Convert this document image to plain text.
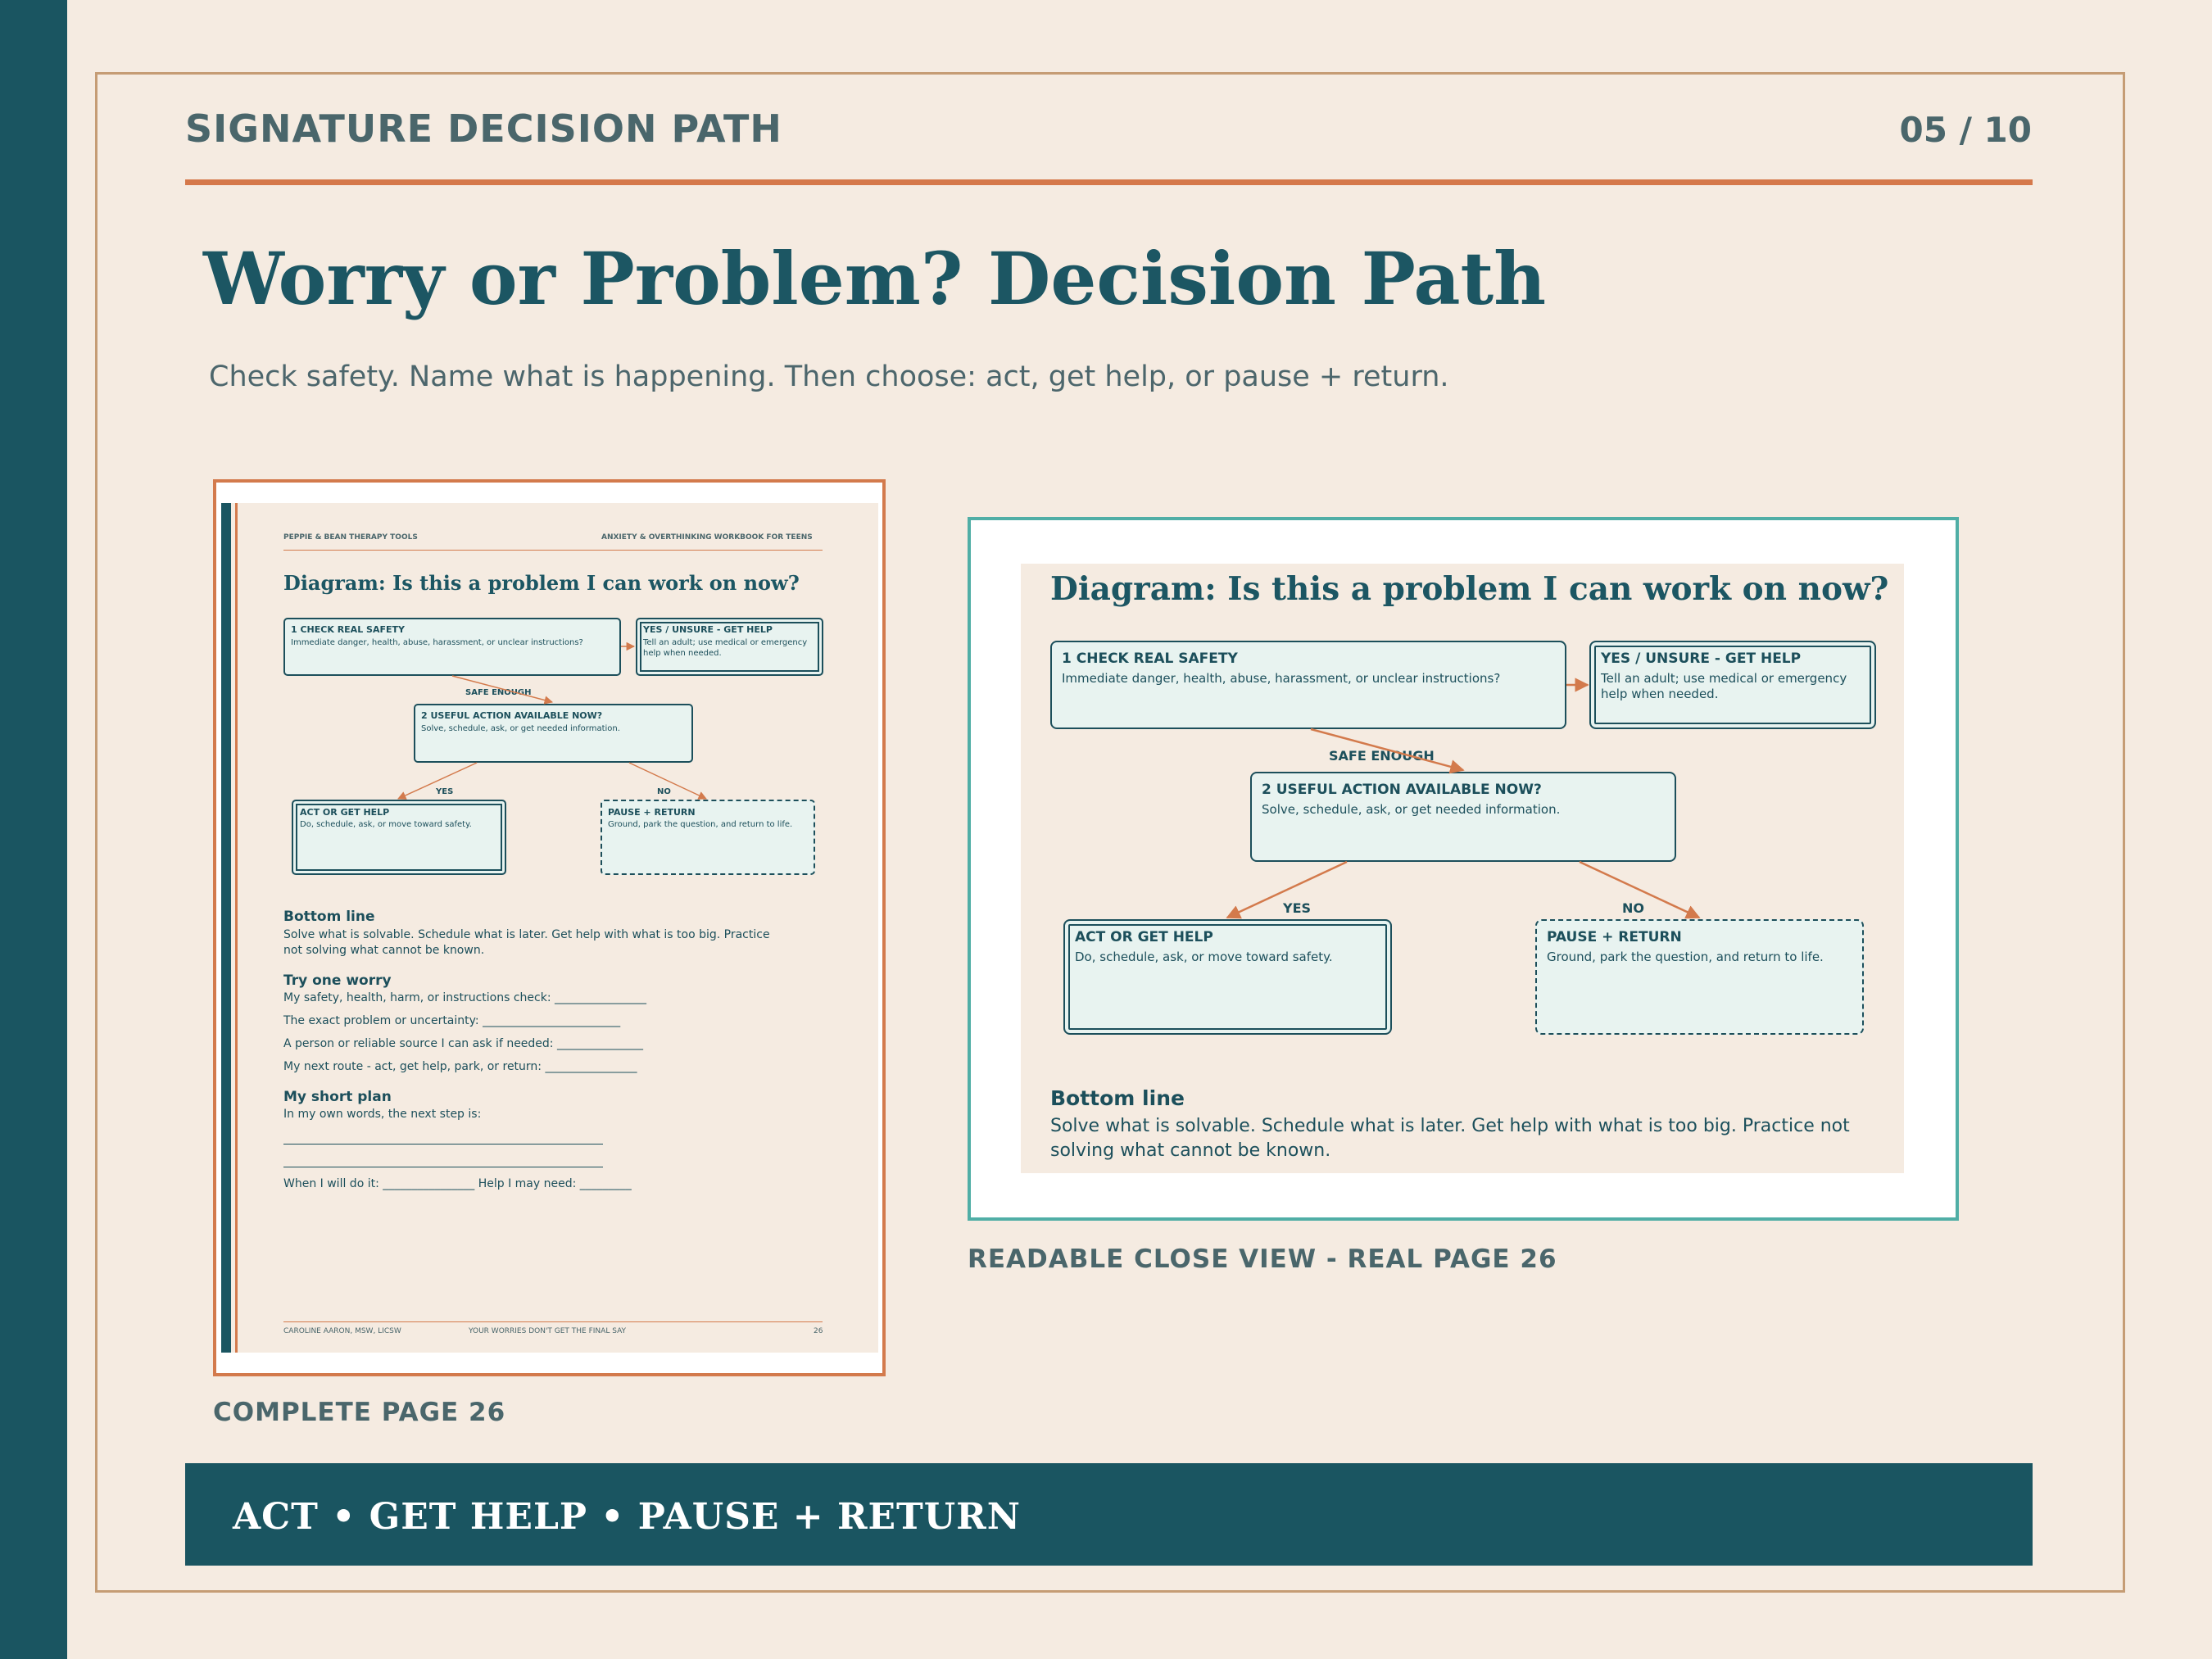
SIGNATURE DECISION PATH	05 / 10
Worry or Problem? Decision Path
Check safety. Name what is happening. Then choose: act, get help, or pause + return.
PEPPIE & BEAN THERAPY TOOLS	ANXIETY & OVERTHINKING WORKBOOK FOR TEENS
Diagram: Is this a problem I can work on now?
1 CHECK REAL SAFETY
Immediate danger, health, abuse, harassment, or unclear instructions?
YES / UNSURE - GET HELP
Tell an adult; use medical or emergency help when needed.
SAFE ENOUGH
2 USEFUL ACTION AVAILABLE NOW?
Solve, schedule, ask, or get needed information.
YES	NO
ACT OR GET HELP
Do, schedule, ask, or move toward safety.
PAUSE + RETURN
Ground, park the question, and return to life.
Bottom line
Solve what is solvable. Schedule what is later. Get help with what is too big. Practice
not solving what cannot be known.
Try one worry
My safety, health, harm, or instructions check: ________________
The exact problem or uncertainty: ________________________
A person or reliable source I can ask if needed: _______________
My next route - act, get help, park, or return: ________________
My short plan
In my own words, the next step is:
When I will do it: ________________ Help I may need: _________
CAROLINE AARON, MSW, LICSW	YOUR WORRIES DON'T GET THE FINAL SAY	26
COMPLETE PAGE 26
Diagram: Is this a problem I can work on now?
1 CHECK REAL SAFETY
Immediate danger, health, abuse, harassment, or unclear instructions?
YES / UNSURE - GET HELP
Tell an adult; use medical or emergency help when needed.
SAFE ENOUGH
2 USEFUL ACTION AVAILABLE NOW?
Solve, schedule, ask, or get needed information.
YES	NO
ACT OR GET HELP
Do, schedule, ask, or move toward safety.
PAUSE + RETURN
Ground, park the question, and return to life.
Bottom line
Solve what is solvable. Schedule what is later. Get help with what is too big. Practice not solving what cannot be known.
READABLE CLOSE VIEW - REAL PAGE 26
ACT • GET HELP • PAUSE + RETURN
